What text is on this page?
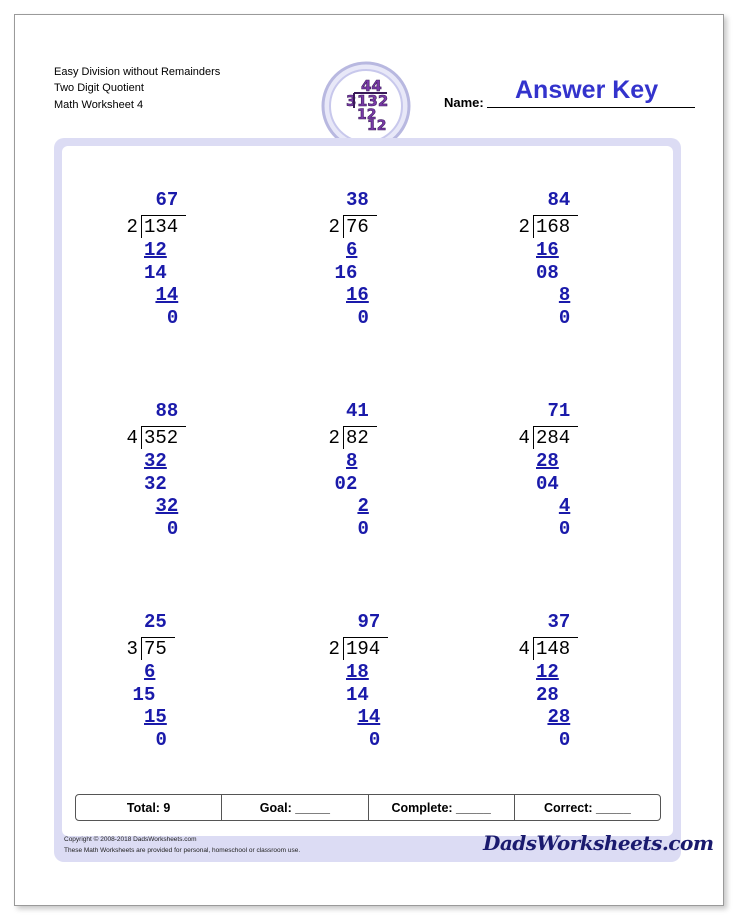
Easy Division without Remainders
Two Digit Quotient
Math Worksheet 4
44
3 132
12
12
Name: Answer Key
2 134
67
12
14
14
0
2 76
38
6
16
16
0
2 168
84
16
08
8
0
4 352
88
32
32
32
0
2 82
41
8
02
2
0
4 284
71
28
04
4
0
3 75
25
6
15
15
0
2 194
97
18
14
14
0
4 148
37
12
28
28
0
Total: 9	Goal: _____	Complete: _____	Correct: _____
Copyright © 2008-2018 DadsWorksheets.com
These Math Worksheets are provided for personal, homeschool or classroom use.	DadsWorksheets.com
